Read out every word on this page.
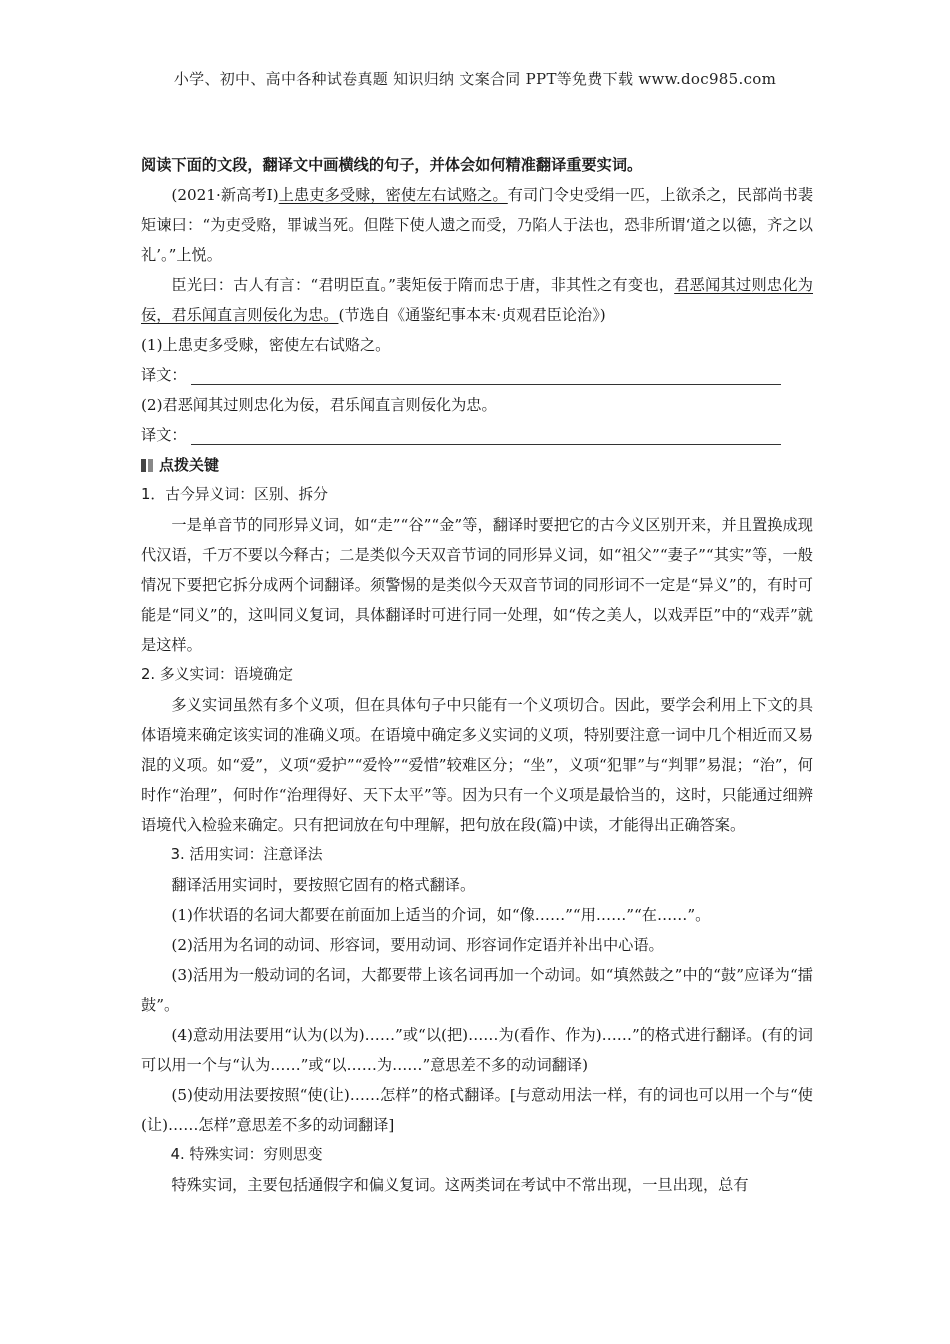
小学、初中、高中各种试卷真题 知识归纳 文案合同 PPT等免费下载 www.doc985.com

阅读下面的文段，翻译文中画横线的句子，并体会如何精准翻译重要实词。

(2021·新高考Ⅰ)上患吏多受赇，密使左右试赂之。有司门令史受绢一匹，上欲杀之，民部尚书裴矩谏曰：“为吏受赂，罪诚当死。但陛下使人遗之而受，乃陷人于法也，恐非所谓‘道之以德，齐之以礼’。”上悦。

臣光曰：古人有言：“君明臣直。”裴矩佞于隋而忠于唐，非其性之有变也，君恶闻其过则忠化为佞，君乐闻直言则佞化为忠。(节选自《通鉴纪事本末·贞观君臣论治》)

(1)上患吏多受赇，密使左右试赂之。

译文：

(2)君恶闻其过则忠化为佞，君乐闻直言则佞化为忠。

译文：
点拨关键

1．古今异义词：区别、拆分

一是单音节的同形异义词，如“走”“谷”“金”等，翻译时要把它的古今义区别开来，并且置换成现代汉语，千万不要以今释古；二是类似今天双音节词的同形异义词，如“祖父”“妻子”“其实”等，一般情况下要把它拆分成两个词翻译。须警惕的是类似今天双音节词的同形词不一定是“异义”的，有时可能是“同义”的，这叫同义复词，具体翻译时可进行同一处理，如“传之美人，以戏弄臣”中的“戏弄”就是这样。

2. 多义实词：语境确定

多义实词虽然有多个义项，但在具体句子中只能有一个义项切合。因此，要学会利用上下文的具体语境来确定该实词的准确义项。在语境中确定多义实词的义项，特别要注意一词中几个相近而又易混的义项。如“爱”，义项“爱护”“爱怜”“爱惜”较难区分；“坐”，义项“犯罪”与“判罪”易混；“治”，何时作“治理”，何时作“治理得好、天下太平”等。因为只有一个义项是最恰当的，这时，只能通过细辨语境代入检验来确定。只有把词放在句中理解，把句放在段(篇)中读，才能得出正确答案。

3. 活用实词：注意译法

翻译活用实词时，要按照它固有的格式翻译。

(1)作状语的名词大都要在前面加上适当的介词，如“像……”“用……”“在……”。

(2)活用为名词的动词、形容词，要用动词、形容词作定语并补出中心语。

(3)活用为一般动词的名词，大都要带上该名词再加一个动词。如“填然鼓之”中的“鼓”应译为“擂鼓”。

(4)意动用法要用“认为(以为)……”或“以(把)……为(看作、作为)……”的格式进行翻译。(有的词可以用一个与“认为……”或“以……为……”意思差不多的动词翻译)

(5)使动用法要按照“使(让)……怎样”的格式翻译。[与意动用法一样，有的词也可以用一个与“使(让)……怎样”意思差不多的动词翻译]

4. 特殊实词：穷则思变

特殊实词，主要包括通假字和偏义复词。这两类词在考试中不常出现，一旦出现，总有
